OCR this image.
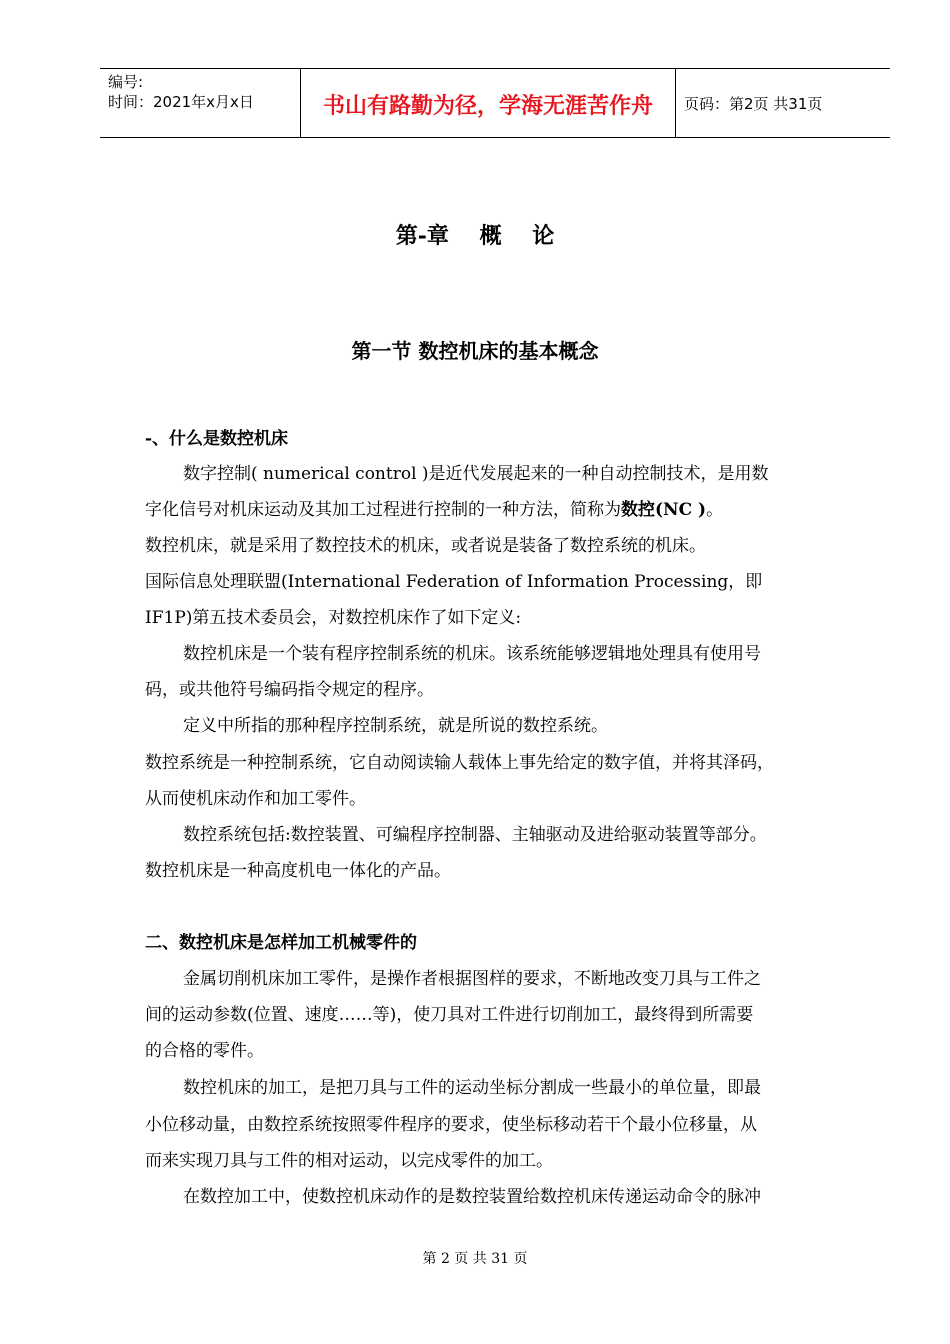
编号:
时间：2021年x月x日	书山有路勤为径，学海无涯苦作舟	页码：第2页 共31页
第-章    概    论
第一节 数控机床的基本概念
-、什么是数控机床
数字控制( numerical control )是近代发展起来的一种自动控制技术，是用数
字化信号对机床运动及其加工过程进行控制的一种方法，简称为数控(NC )。
数控机床，就是采用了数控技术的机床，或者说是装备了数控系统的机床。
国际信息处理联盟(International Federation of Information Processing，即
IF1P)第五技术委员会，对数控机床作了如下定义:
数控机床是一个装有程序控制系统的机床。该系统能够逻辑地处理具有使用号
码，或共他符号编码指令规定的程序。
定义中所指的那种程序控制系统，就是所说的数控系统。
数控系统是一种控制系统，它自动阅读输人载体上事先给定的数字值，并将其泽码，
从而使机床动作和加工零件。
数控系统包括:数控装置、可编程序控制器、主轴驱动及进给驱动装置等部分。
数控机床是一种高度机电一体化的产品。
二、数控机床是怎样加工机械零件的
金属切削机床加工零件，是操作者根据图样的要求，不断地改变刀具与工件之
间的运动参数(位置、速度……等)，使刀具对工件进行切削加工，最终得到所需要
的合格的零件。
数控机床的加工，是把刀具与工件的运动坐标分割成一些最小的单位量，即最
小位移动量，由数控系统按照零件程序的要求，使坐标移动若干个最小位移量，从
而来实现刀具与工件的相对运动，以完戍零件的加工。
在数控加工中，使数控机床动作的是数控装置给数控机床传递运动命令的脉冲
第 2 页 共 31 页
